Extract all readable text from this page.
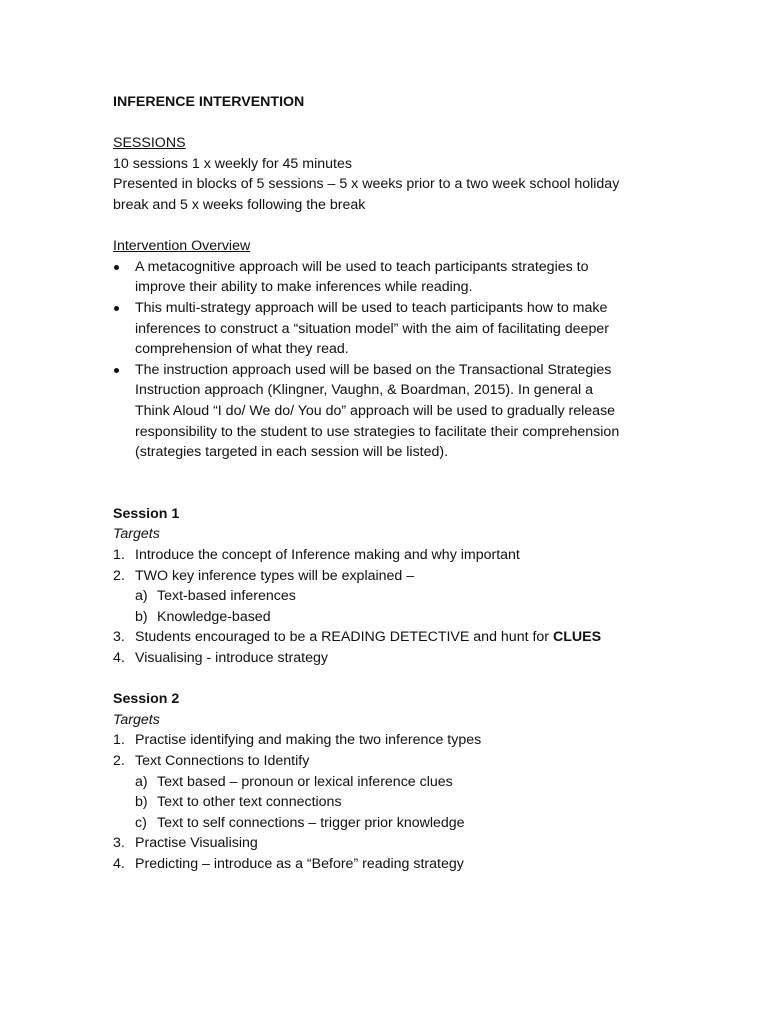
INFERENCE INTERVENTION

SESSIONS

10 sessions 1 x weekly for 45 minutes

Presented in blocks of 5 sessions – 5 x weeks prior to a two week school holiday

break and 5 x weeks following the break

Intervention Overview

A metacognitive approach will be used to teach participants strategies to
improve their ability to make inferences while reading.
This multi-strategy approach will be used to teach participants how to make
inferences to construct a “situation model” with the aim of facilitating deeper
comprehension of what they read.
The instruction approach used will be based on the Transactional Strategies
Instruction approach (Klingner, Vaughn, & Boardman, 2015). In general a
Think Aloud “I do/ We do/ You do” approach will be used to gradually release
responsibility to the student to use strategies to facilitate their comprehension
(strategies targeted in each session will be listed).

Session 1

Targets

1. Introduce the concept of Inference making and why important
2. TWO key inference types will be explained –
a) Text-based inferences
b) Knowledge-based
3. Students encouraged to be a READING DETECTIVE and hunt for CLUES
4. Visualising - introduce strategy

Session 2

Targets

1. Practise identifying and making the two inference types
2. Text Connections to Identify
a) Text based – pronoun or lexical inference clues
b) Text to other text connections
c) Text to self connections – trigger prior knowledge
3. Practise Visualising
4. Predicting – introduce as a “Before” reading strategy
